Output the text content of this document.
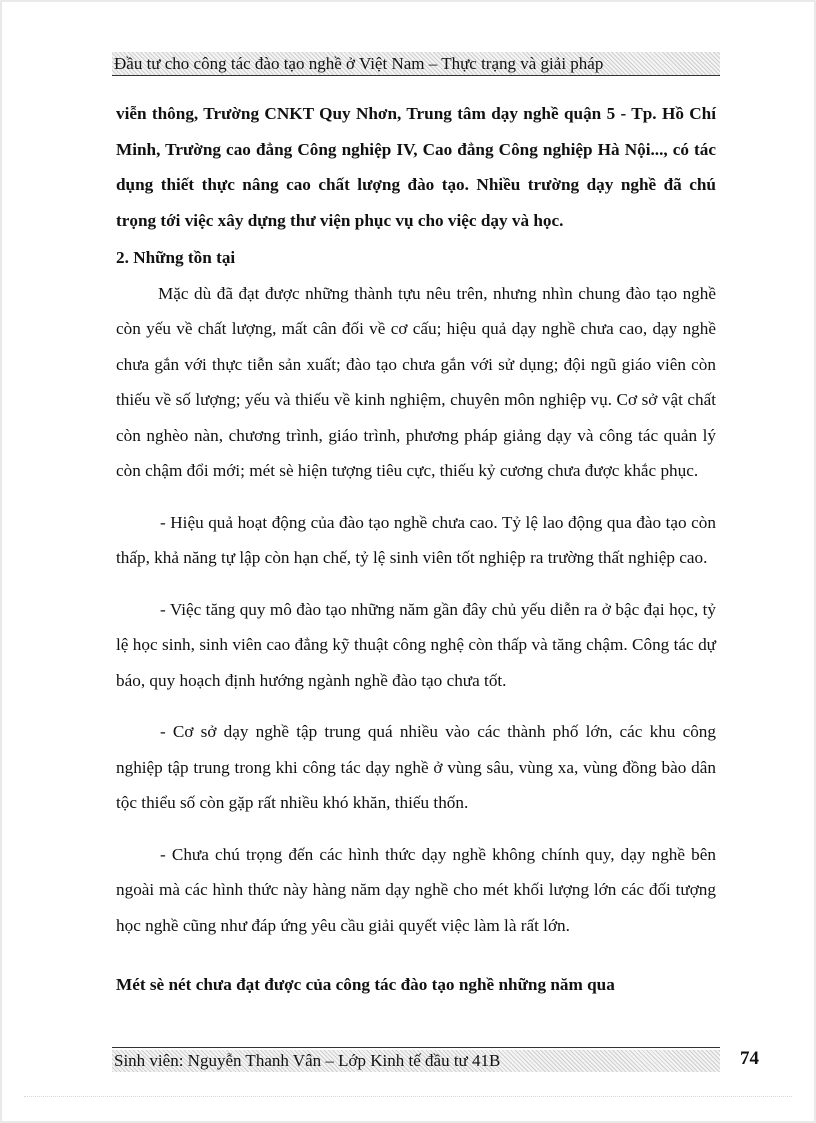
Đầu tư cho công tác đào tạo nghề ở Việt Nam – Thực trạng và giải pháp

viễn thông, Trường CNKT Quy Nhơn, Trung tâm dạy nghề quận 5 - Tp. Hồ Chí Minh, Trường cao đẳng Công nghiệp IV, Cao đẳng Công nghiệp Hà Nội..., có tác dụng thiết thực nâng cao chất lượng đào tạo. Nhiều trường dạy nghề đã chú trọng tới việc xây dựng thư viện phục vụ cho việc dạy và học.

2. Những tồn tại

Mặc dù đã đạt được những thành tựu nêu trên, nhưng nhìn chung đào tạo nghề còn yếu về chất lượng, mất cân đối về cơ cấu; hiệu quả dạy nghề chưa cao, dạy nghề chưa gắn với thực tiễn sản xuất; đào tạo chưa gắn với sử dụng; đội ngũ giáo viên còn thiếu về số lượng; yếu và thiếu về kinh nghiệm, chuyên môn nghiệp vụ. Cơ sở vật chất còn nghèo nàn, chương trình, giáo trình, phương pháp giảng dạy và công tác quản lý còn chậm đổi mới; mét sè hiện tượng tiêu cực, thiếu kỷ cương chưa được khắc phục.

- Hiệu quả hoạt động của đào tạo nghề chưa cao. Tỷ lệ lao động qua đào tạo còn thấp, khả năng tự lập còn hạn chế, tỷ lệ sinh viên tốt nghiệp ra trường thất nghiệp cao.

- Việc tăng quy mô đào tạo những năm gần đây chủ yếu diễn ra ở bậc đại học, tỷ lệ học sinh, sinh viên cao đẳng kỹ thuật công nghệ còn thấp và tăng chậm. Công tác dự báo, quy hoạch định hướng ngành nghề đào tạo chưa tốt.

- Cơ sở dạy nghề tập trung quá nhiều vào các thành phố lớn, các khu công nghiệp tập trung trong khi công tác dạy nghề ở vùng sâu, vùng xa, vùng đồng bào dân tộc thiểu số còn gặp rất nhiều khó khăn, thiếu thốn.

- Chưa chú trọng đến các hình thức dạy nghề không chính quy, dạy nghề bên ngoài mà các hình thức này hàng năm dạy nghề cho mét khối lượng lớn các đối tượng học nghề cũng như đáp ứng yêu cầu giải quyết việc làm là rất lớn.

Mét sè nét chưa đạt được của công tác đào tạo nghề những năm qua
Sinh viên: Nguyễn Thanh Vân – Lớp Kinh tế đầu tư 41B	74
